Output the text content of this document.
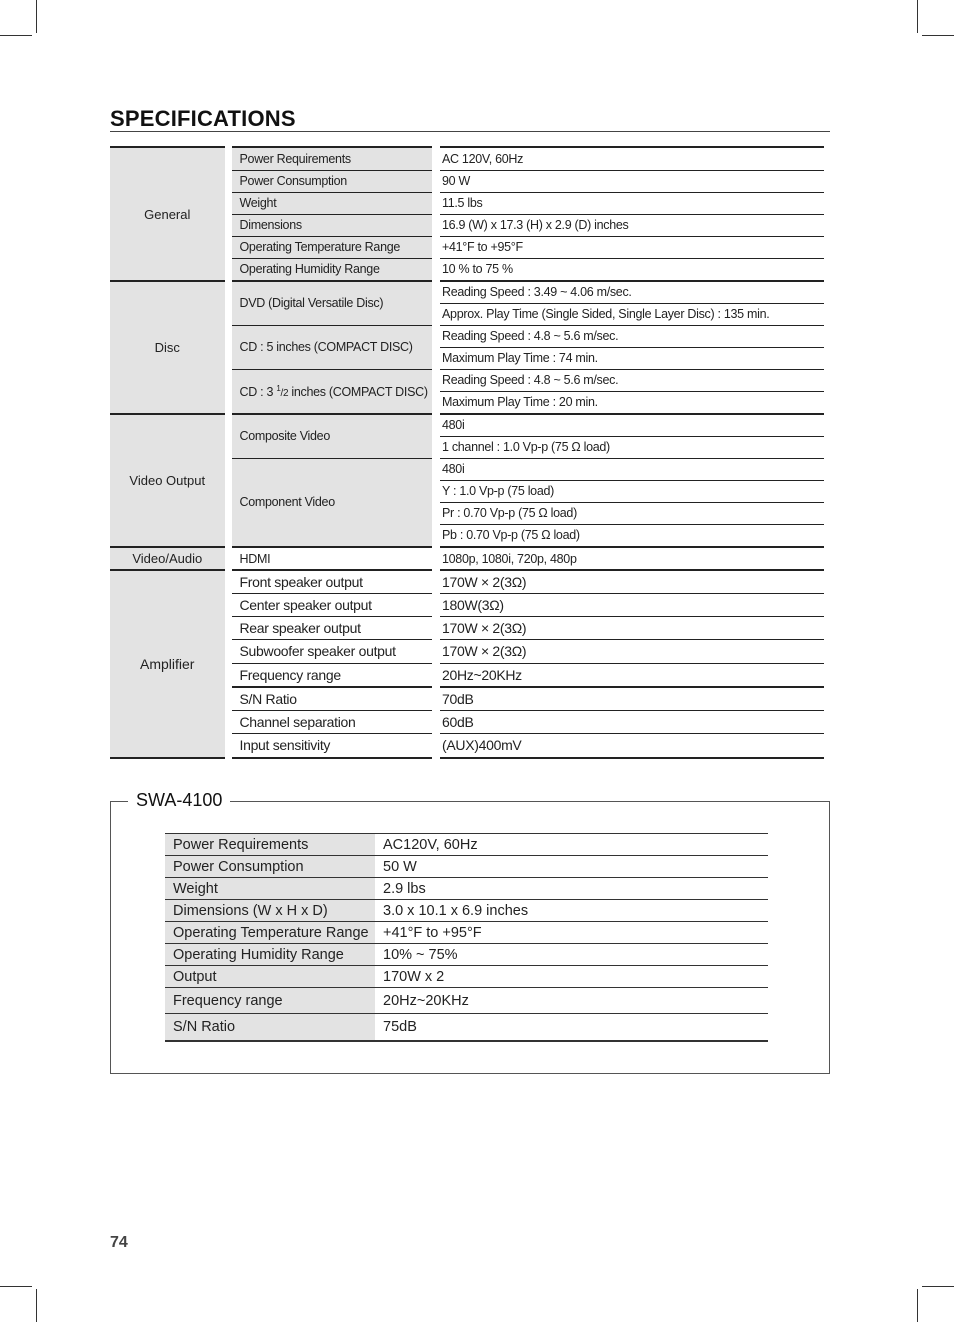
SPECIFICATIONS
General	Power Requirements	AC 120V, 60Hz
	Power Consumption	90 W
	Weight	11.5 lbs
	Dimensions	16.9 (W) x 17.3 (H) x 2.9 (D) inches
	Operating Temperature Range	+41°F to +95°F
	Operating Humidity Range	10 % to 75 %
Disc	DVD (Digital Versatile Disc)	Reading Speed : 3.49 ~ 4.06 m/sec.
		Approx. Play Time (Single Sided, Single Layer Disc) : 135 min.
	CD : 5 inches (COMPACT DISC)	Reading Speed : 4.8 ~ 5.6 m/sec.
		Maximum Play Time : 74 min.
	CD : 3 $^1$/2 inches (COMPACT DISC)	Reading Speed : 4.8 ~ 5.6 m/sec.
		Maximum Play Time : 20 min.
Video Output	Composite Video	480i
		1 channel : 1.0 Vp-p (75 Ω load)
	Component Video	480i
		Y : 1.0 Vp-p (75 load)
		Pr : 0.70 Vp-p (75 Ω load)
		Pb : 0.70 Vp-p (75 Ω load)
Video/Audio	HDMI	1080p, 1080i, 720p, 480p
Amplifier	Front speaker output	170W × 2(3Ω)
	Center speaker output	180W(3Ω)
	Rear speaker output	170W × 2(3Ω)
	Subwoofer speaker output	170W × 2(3Ω)
	Frequency range	20Hz~20KHz
	S/N Ratio	70dB
	Channel separation	60dB
	Input sensitivity	(AUX)400mV
SWA-4100
Power Requirements	AC120V, 60Hz
Power Consumption	50 W
Weight	2.9 lbs
Dimensions (W x H x D)	3.0 x 10.1 x 6.9 inches
Operating Temperature Range	+41°F to +95°F
Operating Humidity Range	10% ~ 75%
Output	170W x 2
Frequency range	20Hz~20KHz
S/N Ratio	75dB
74
